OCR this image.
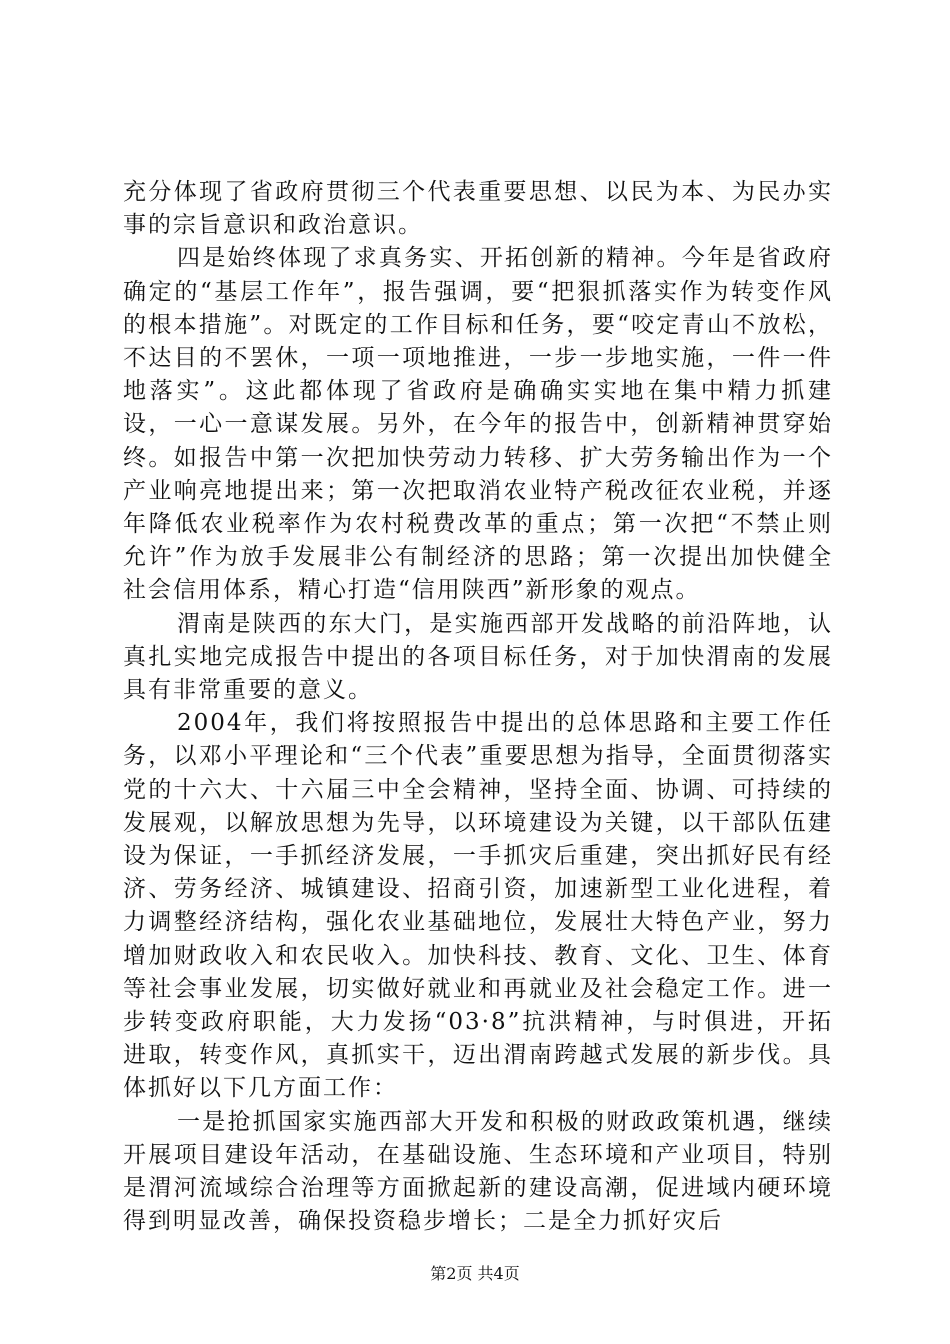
充分体现了省政府贯彻三个代表重要思想、以民为本、为民办实事的宗旨意识和政治意识。

四是始终体现了求真务实、开拓创新的精神。今年是省政府确定的“基层工作年”，报告强调，要“把狠抓落实作为转变作风的根本措施”。对既定的工作目标和任务，要“咬定青山不放松，不达目的不罢休，一项一项地推进，一步一步地实施，一件一件地落实”。这此都体现了省政府是确确实实地在集中精力抓建设，一心一意谋发展。另外，在今年的报告中，创新精神贯穿始终。如报告中第一次把加快劳动力转移、扩大劳务输出作为一个产业响亮地提出来；第一次把取消农业特产税改征农业税，并逐年降低农业税率作为农村税费改革的重点；第一次把“不禁止则允许”作为放手发展非公有制经济的思路；第一次提出加快健全社会信用体系，精心打造“信用陕西”新形象的观点。

渭南是陕西的东大门，是实施西部开发战略的前沿阵地，认真扎实地完成报告中提出的各项目标任务，对于加快渭南的发展具有非常重要的意义。

2004年，我们将按照报告中提出的总体思路和主要工作任务，以邓小平理论和“三个代表”重要思想为指导，全面贯彻落实党的十六大、十六届三中全会精神，坚持全面、协调、可持续的发展观，以解放思想为先导，以环境建设为关键，以干部队伍建设为保证，一手抓经济发展，一手抓灾后重建，突出抓好民有经济、劳务经济、城镇建设、招商引资，加速新型工业化进程，着力调整经济结构，强化农业基础地位，发展壮大特色产业，努力增加财政收入和农民收入。加快科技、教育、文化、卫生、体育等社会事业发展，切实做好就业和再就业及社会稳定工作。进一步转变政府职能，大力发扬“03·8”抗洪精神，与时俱进，开拓进取，转变作风，真抓实干，迈出渭南跨越式发展的新步伐。具体抓好以下几方面工作：

一是抢抓国家实施西部大开发和积极的财政政策机遇，继续开展项目建设年活动，在基础设施、生态环境和产业项目，特别是渭河流域综合治理等方面掀起新的建设高潮，促进域内硬环境得到明显改善，确保投资稳步增长；二是全力抓好灾后

第2页 共4页
